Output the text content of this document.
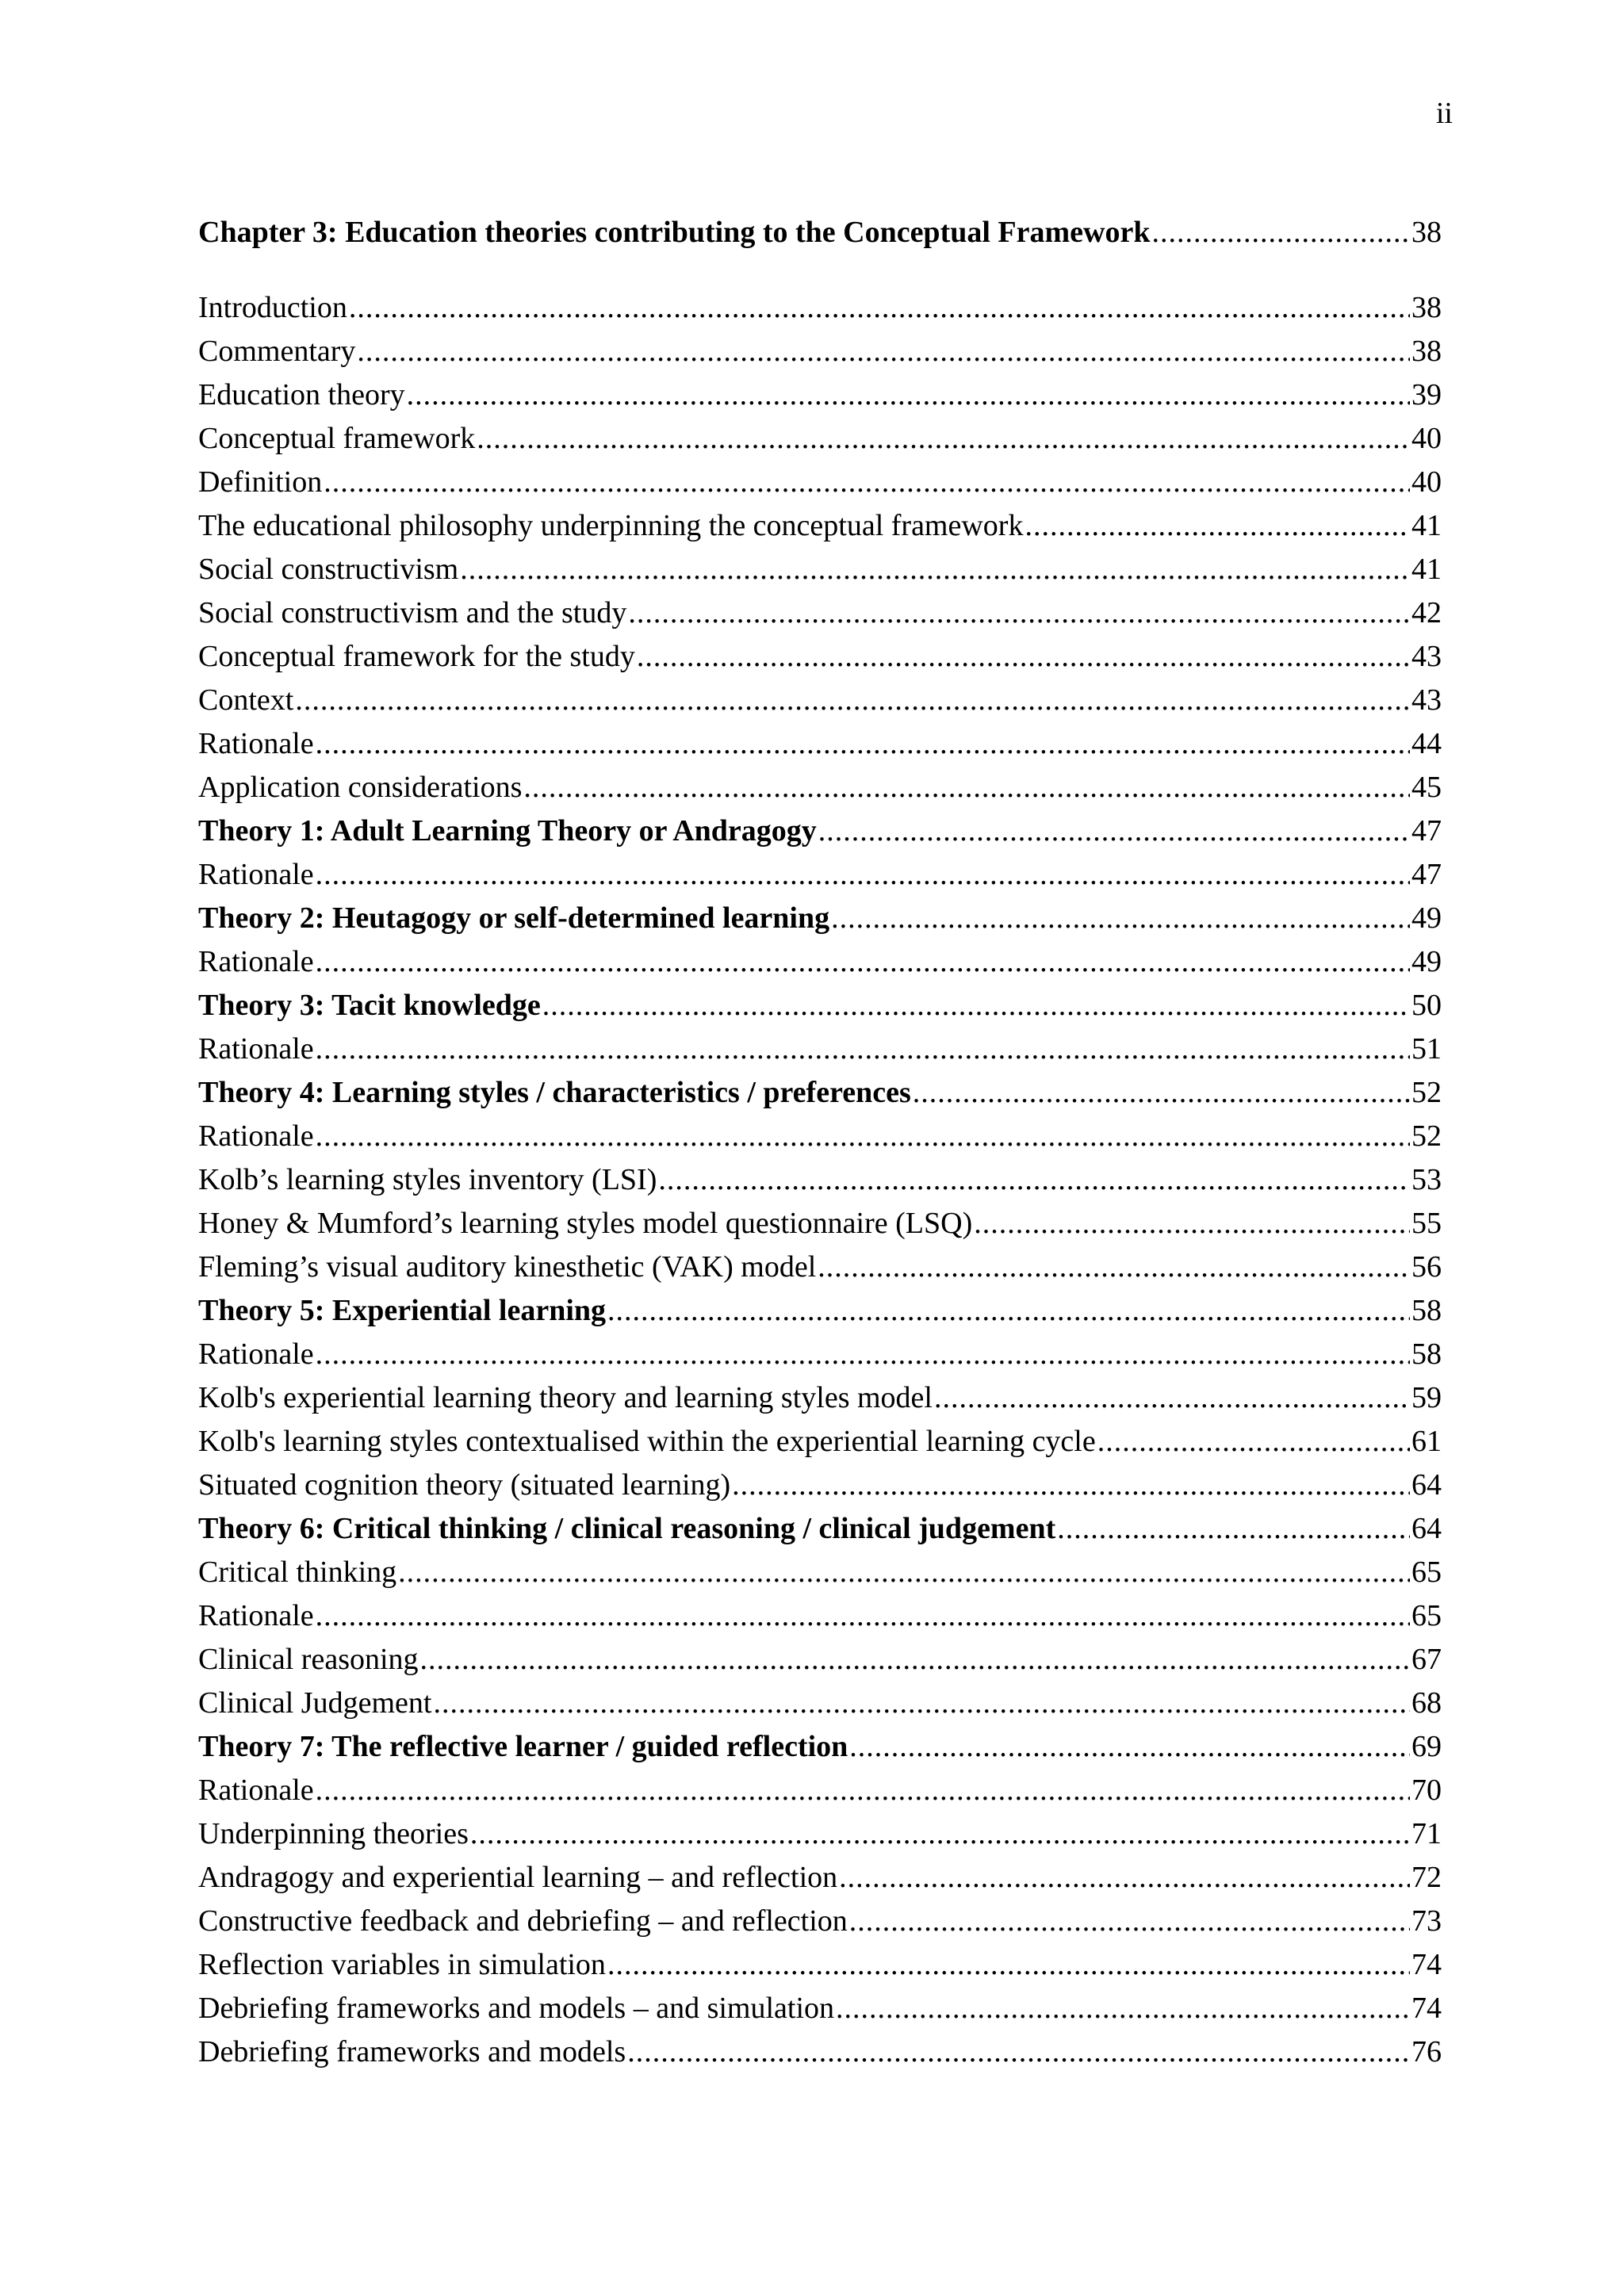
ii
Chapter 3: Education theories contributing to the Conceptual Framework .....	38
Introduction .....	38
Commentary .....	38
Education theory .....	39
Conceptual framework .....	40
Definition .....	40
The educational philosophy underpinning the conceptual framework .....	41
Social constructivism .....	41
Social constructivism and the study .....	42
Conceptual framework for the study .....	43
Context .....	43
Rationale .....	44
Application considerations .....	45
Theory 1: Adult Learning Theory or Andragogy .....	47
Rationale .....	47
Theory 2: Heutagogy or self-determined learning .....	49
Rationale .....	49
Theory 3: Tacit knowledge .....	50
Rationale .....	51
Theory 4: Learning styles / characteristics / preferences .....	52
Rationale .....	52
Kolb’s learning styles inventory (LSI) .....	53
Honey & Mumford’s learning styles model questionnaire (LSQ) .....	55
Fleming’s visual auditory kinesthetic (VAK) model .....	56
Theory 5: Experiential learning .....	58
Rationale .....	58
Kolb's experiential learning theory and learning styles model .....	59
Kolb's learning styles contextualised within the experiential learning cycle .....	61
Situated cognition theory (situated learning) .....	64
Theory 6: Critical thinking / clinical reasoning / clinical judgement .....	64
Critical thinking .....	65
Rationale .....	65
Clinical reasoning .....	67
Clinical Judgement .....	68
Theory 7: The reflective learner / guided reflection .....	69
Rationale .....	70
Underpinning theories .....	71
Andragogy and experiential learning – and reflection .....	72
Constructive feedback and debriefing – and reflection .....	73
Reflection variables in simulation .....	74
Debriefing frameworks and models – and simulation .....	74
Debriefing frameworks and models .....	76
